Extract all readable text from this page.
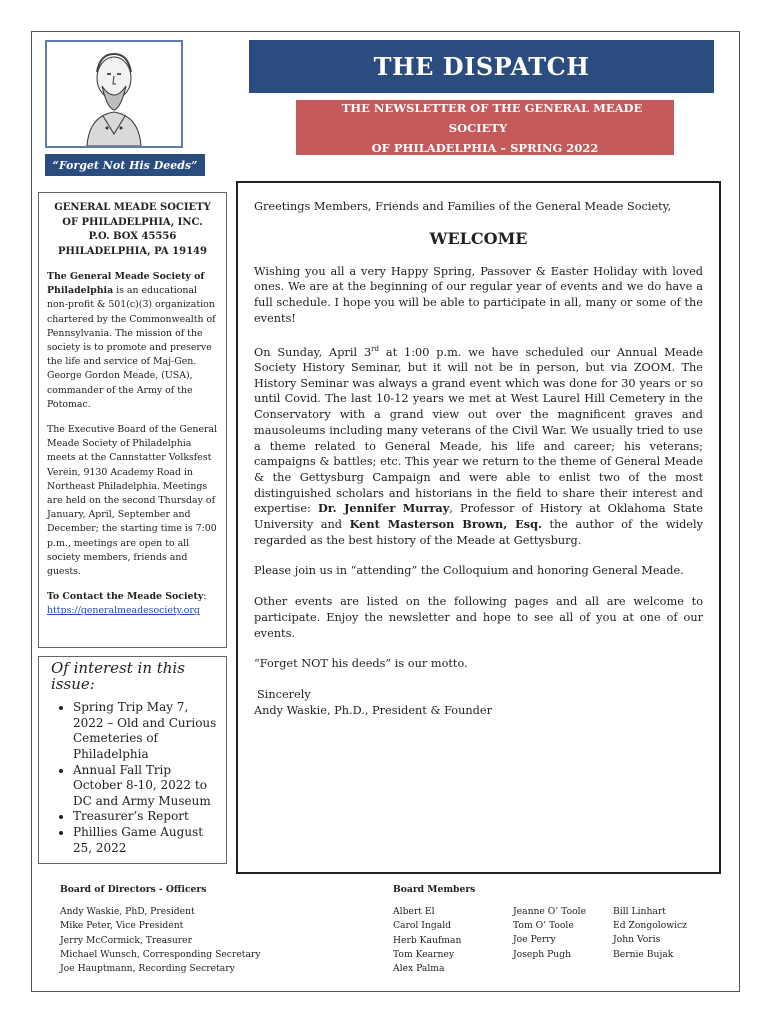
THE DISPATCH
THE NEWSLETTER OF THE GENERAL MEADE SOCIETY
OF PHILADELPHIA – SPRING 2022
“Forget Not His Deeds”
GENERAL MEADE SOCIETY
OF PHILADELPHIA, INC.
P.O. BOX 45556
PHILADELPHIA, PA 19149

The General Meade Society of Philadelphia is an educational non-profit & 501(c)(3) organization chartered by the Commonwealth of Pennsylvania. The mission of the society is to promote and preserve the life and service of Maj-Gen. George Gordon Meade, (USA), commander of the Army of the Potomac.

The Executive Board of the General Meade Society of Philadelphia meets at the Cannstatter Volksfest Verein, 9130 Academy Road in Northeast Philadelphia. Meetings are held on the second Thursday of January, April, September and December; the starting time is 7:00 p.m., meetings are open to all society members, friends and guests.

To Contact the Meade Society:
https://generalmeadesociety.org

Of interest in this issue:
• Spring Trip May 7, 2022 – Old and Curious Cemeteries of Philadelphia
• Annual Fall Trip October 8-10, 2022 to DC and Army Museum
• Treasurer’s Report
• Phillies Game August 25, 2022

Greetings Members, Friends and Families of the General Meade Society,

WELCOME

Wishing you all a very Happy Spring, Passover & Easter Holiday with loved ones. We are at the beginning of our regular year of events and we do have a full schedule. I hope you will be able to participate in all, many or some of the events!

On Sunday, April 3rd at 1:00 p.m. we have scheduled our Annual Meade Society History Seminar, but it will not be in person, but via ZOOM. The History Seminar was always a grand event which was done for 30 years or so until Covid. The last 10-12 years we met at West Laurel Hill Cemetery in the Conservatory with a grand view out over the magnificent graves and mausoleums including many veterans of the Civil War. We usually tried to use a theme related to General Meade, his life and career; his veterans; campaigns & battles; etc. This year we return to the theme of General Meade & the Gettysburg Campaign and were able to enlist two of the most distinguished scholars and historians in the field to share their interest and expertise: Dr. Jennifer Murray, Professor of History at Oklahoma State University and Kent Masterson Brown, Esq. the author of the widely regarded as the best history of the Meade at Gettysburg.

Please join us in “attending” the Colloquium and honoring General Meade.

Other events are listed on the following pages and all are welcome to participate. Enjoy the newsletter and hope to see all of you at one of our events.

“Forget NOT his deeds” is our motto.

Sincerely
Andy Waskie, Ph.D., President & Founder
Board of Directors - Officers
Andy Waskie, PhD, President
Mike Peter, Vice President
Jerry McCormick, Treasurer
Michael Wunsch, Corresponding Secretary
Joe Hauptmann, Recording Secretary
Board Members
Albert El
Carol Ingald
Herb Kaufman
Tom Kearney
Alex Palma
Jeanne O’ Toole
Tom O’ Toole
Joe Perry
Joseph Pugh
Bill Linhart
Ed Zongolowicz
John Voris
Bernie Bujak
